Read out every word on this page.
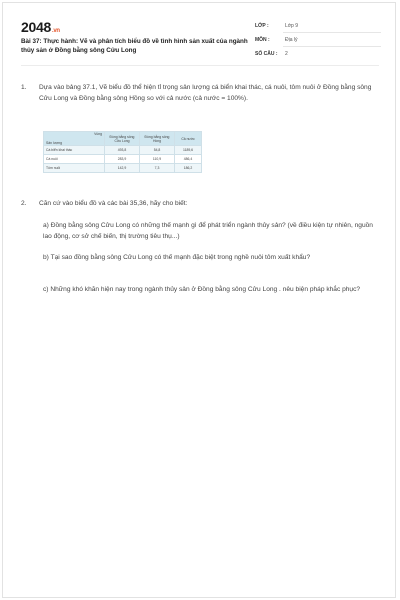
2048.vn
Bài 37: Thực hành: Vẽ và phân tích biểu đồ về tình hình sản xuất của ngành thủy sản ở Đồng bằng sông Cửu Long
LỚP :	Lớp 9
MÔN :	Địa lý
SỐ CÂU : 2
1. Dựa vào bảng 37.1, Vẽ biểu đồ thể hiện tỉ trọng sản lượng cá biển khai thác, cá nuôi, tôm nuôi ở Đồng bằng sông Cửu Long và Đồng bằng sông Hồng so với cả nước (cả nước = 100%).
Vùng
Sản lượng	Đồng bằng sông Cửu Long	Đồng bằng sông Hồng	Cả nước
Cá biển khai thác	493,8	54,8	1189,6
Cá nuôi	283,9	110,9	486,4
Tôm nuôi	142,9	7,3	186,2
2. Căn cứ vào biểu đồ và các bài 35,36, hãy cho biết:
a) Đồng bằng sông Cửu Long có những thế mạnh gì để phát triển ngành thủy sản? (về điều kiện tự nhiên, nguồn lao động, cơ sở chế biến, thị trường tiêu thụ...)
b) Tại sao đồng bằng sông Cửu Long có thế mạnh đặc biệt trong nghề nuôi tôm xuất khẩu?
c) Những khó khăn hiện nay trong ngành thủy sản ở Đồng bằng sông Cửu Long . nêu biện pháp khắc phục?
